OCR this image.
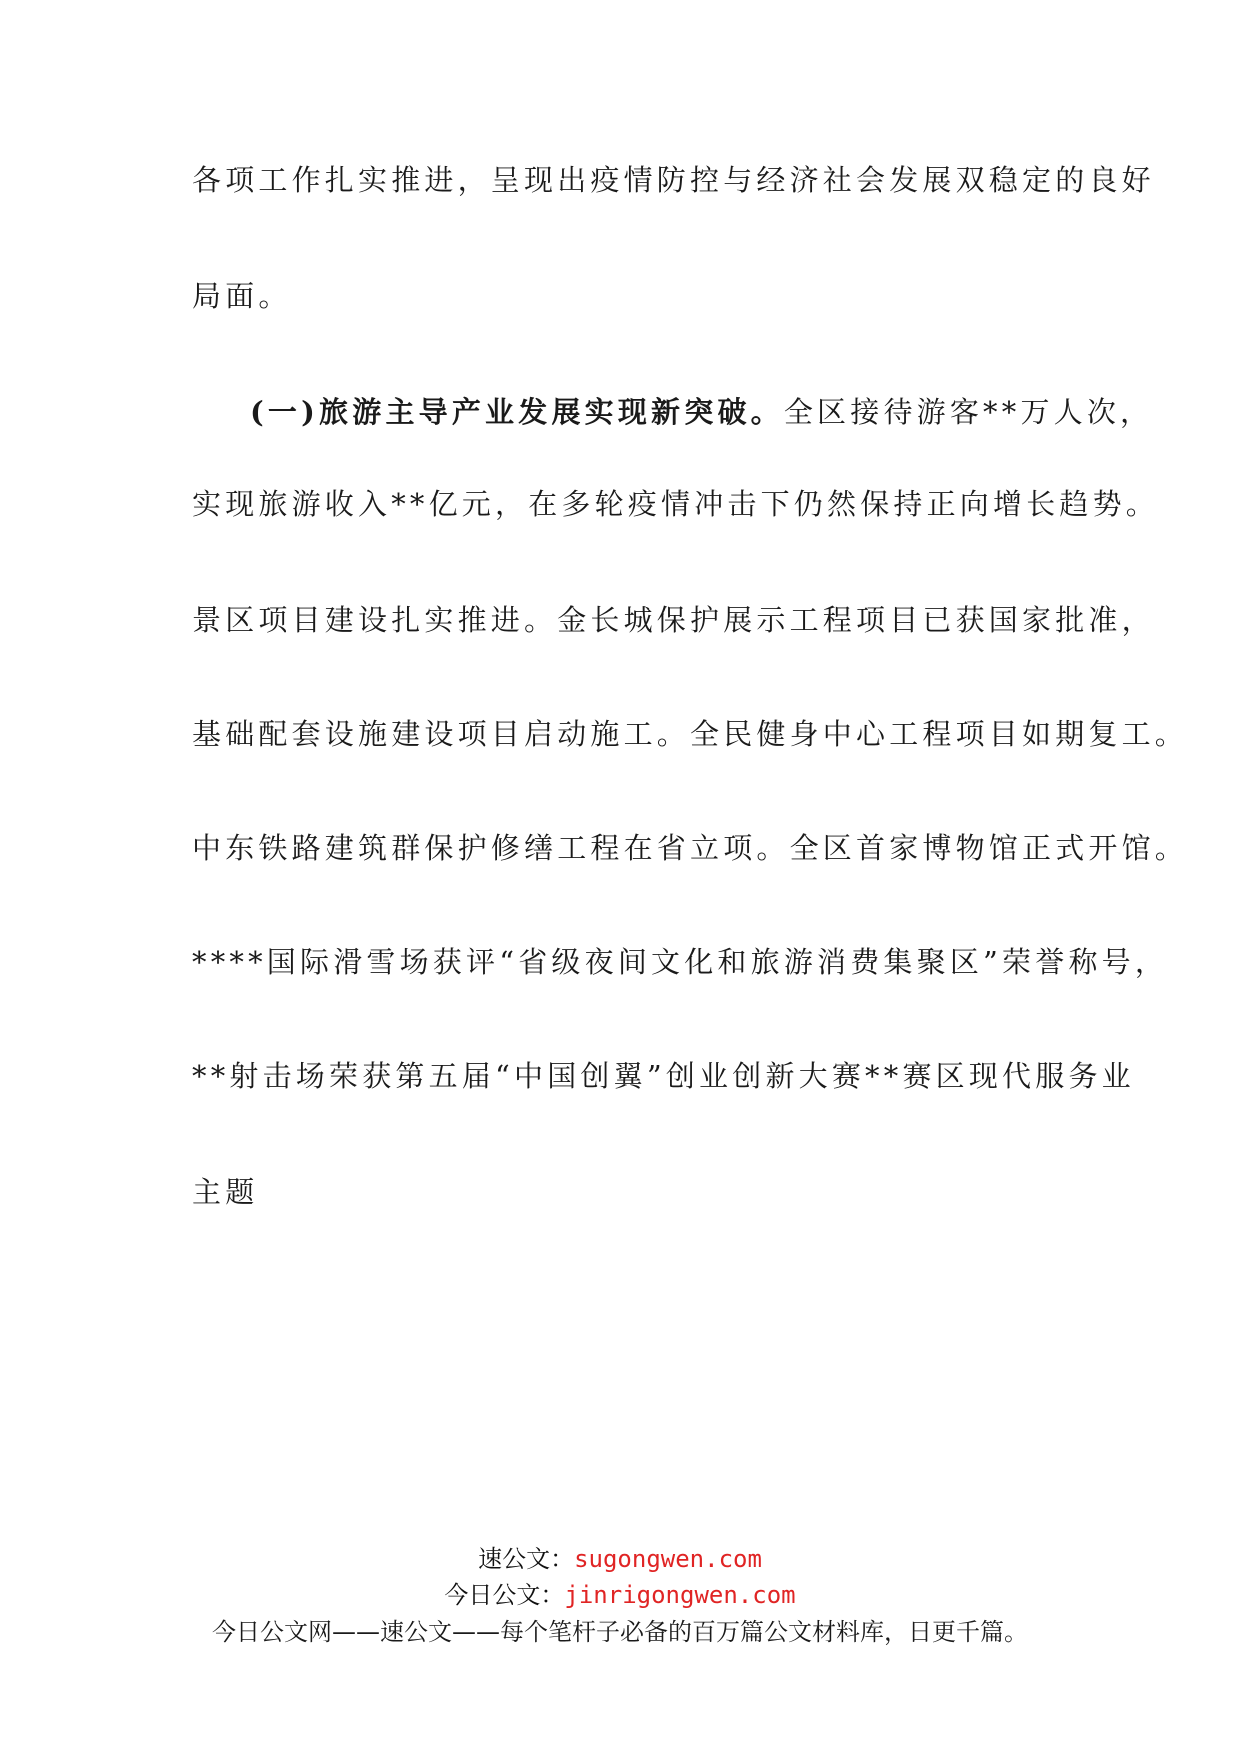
各项工作扎实推进，呈现出疫情防控与经济社会发展双稳定的良好
局面。
(一)旅游主导产业发展实现新突破。全区接待游客**万人次，
实现旅游收入**亿元，在多轮疫情冲击下仍然保持正向增长趋势。
景区项目建设扎实推进。金长城保护展示工程项目已获国家批准，
基础配套设施建设项目启动施工。全民健身中心工程项目如期复工。
中东铁路建筑群保护修缮工程在省立项。全区首家博物馆正式开馆。
****国际滑雪场获评“省级夜间文化和旅游消费集聚区”荣誉称号，
**射击场荣获第五届“中国创翼”创业创新大赛**赛区现代服务业
主题
速公文：sugongwen.com
今日公文：jinrigongwen.com
今日公文网——速公文——每个笔杆子必备的百万篇公文材料库，日更千篇。
